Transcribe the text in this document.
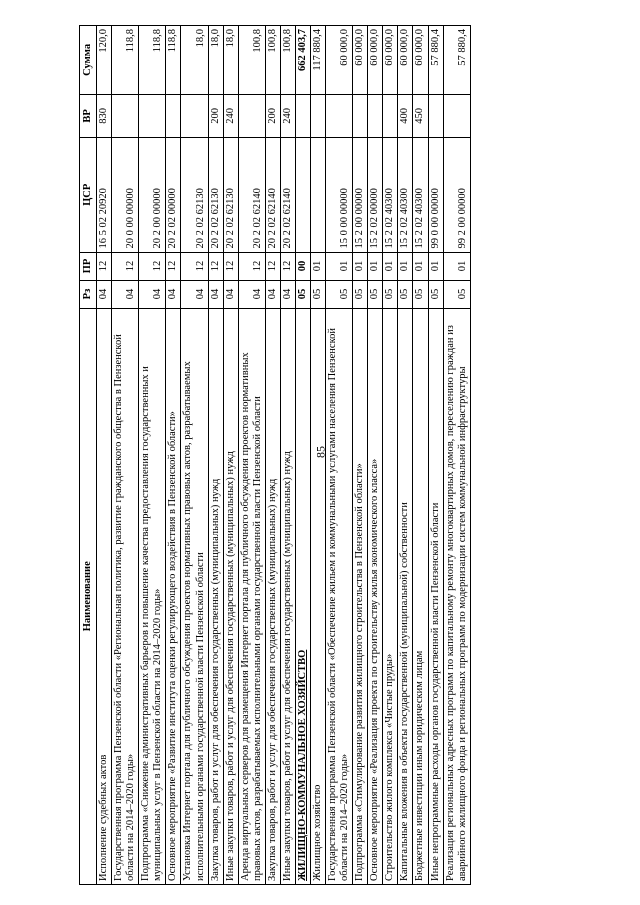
85
Наименование	Рз	ПР	ЦСР	ВР	Сумма
Исполнение судебных актов	04	12	16 5 02 20920	830	120,0
Государственная программа Пензенской области «Региональная политика, развитие гражданского общества в Пензенской области на 2014–2020 годы»	04	12	20 0 00 00000		118,8
Подпрограмма «Снижение административных барьеров и повышение качества предоставления государственных и муниципальных услуг в Пензенской области на 2014–2020 годы»	04	12	20 2 00 00000		118,8
Основное мероприятие «Развитие института оценки регулирующего воздействия в Пензенской области»	04	12	20 2 02 00000		118,8
Установка Интернет портала для публичного обсуждения проектов нормативных правовых актов, разрабатываемых исполнительными органами государственной власти Пензенской области	04	12	20 2 02 62130		18,0
Закупка товаров, работ и услуг для обеспечения государственных (муниципальных) нужд	04	12	20 2 02 62130	200	18,0
Иные закупки товаров, работ и услуг для обеспечения государственных (муниципальных) нужд	04	12	20 2 02 62130	240	18,0
Аренда виртуальных серверов для размещения Интернет портала для публичного обсуждения проектов нормативных правовых актов, разрабатываемых исполнительными органами государственной власти Пензенской области	04	12	20 2 02 62140		100,8
Закупка товаров, работ и услуг для обеспечения государственных (муниципальных) нужд	04	12	20 2 02 62140	200	100,8
Иные закупки товаров, работ и услуг для обеспечения государственных (муниципальных) нужд	04	12	20 2 02 62140	240	100,8
ЖИЛИЩНО-КОММУНАЛЬНОЕ ХОЗЯЙСТВО	05	00			662 403,7
Жилищное хозяйство	05	01			117 880,4
Государственная программа Пензенской области «Обеспечение жильем и коммунальными услугами населения Пензенской области на 2014–2020 годы»	05	01	15 0 00 00000		60 000,0
Подпрограмма «Стимулирование развития жилищного строительства в Пензенской области»	05	01	15 2 00 00000		60 000,0
Основное мероприятие «Реализация проекта по строительству жилья экономического класса»	05	01	15 2 02 00000		60 000,0
Строительство жилого комплекса «Чистые пруды»	05	01	15 2 02 40300		60 000,0
Капитальные вложения в объекты государственной (муниципальной) собственности	05	01	15 2 02 40300	400	60 000,0
Бюджетные инвестиции иным юридическим лицам	05	01	15 2 02 40300	450	60 000,0
Иные непрограммные расходы органов государственной власти Пензенской области	05	01	99 0 00 00000		57 880,4
Реализация региональных адресных программ по капитальному ремонту многоквартирных домов, переселению граждан из аварийного жилищного фонда и региональных программ по модернизации систем коммунальной инфраструктуры	05	01	99 2 00 00000		57 880,4
